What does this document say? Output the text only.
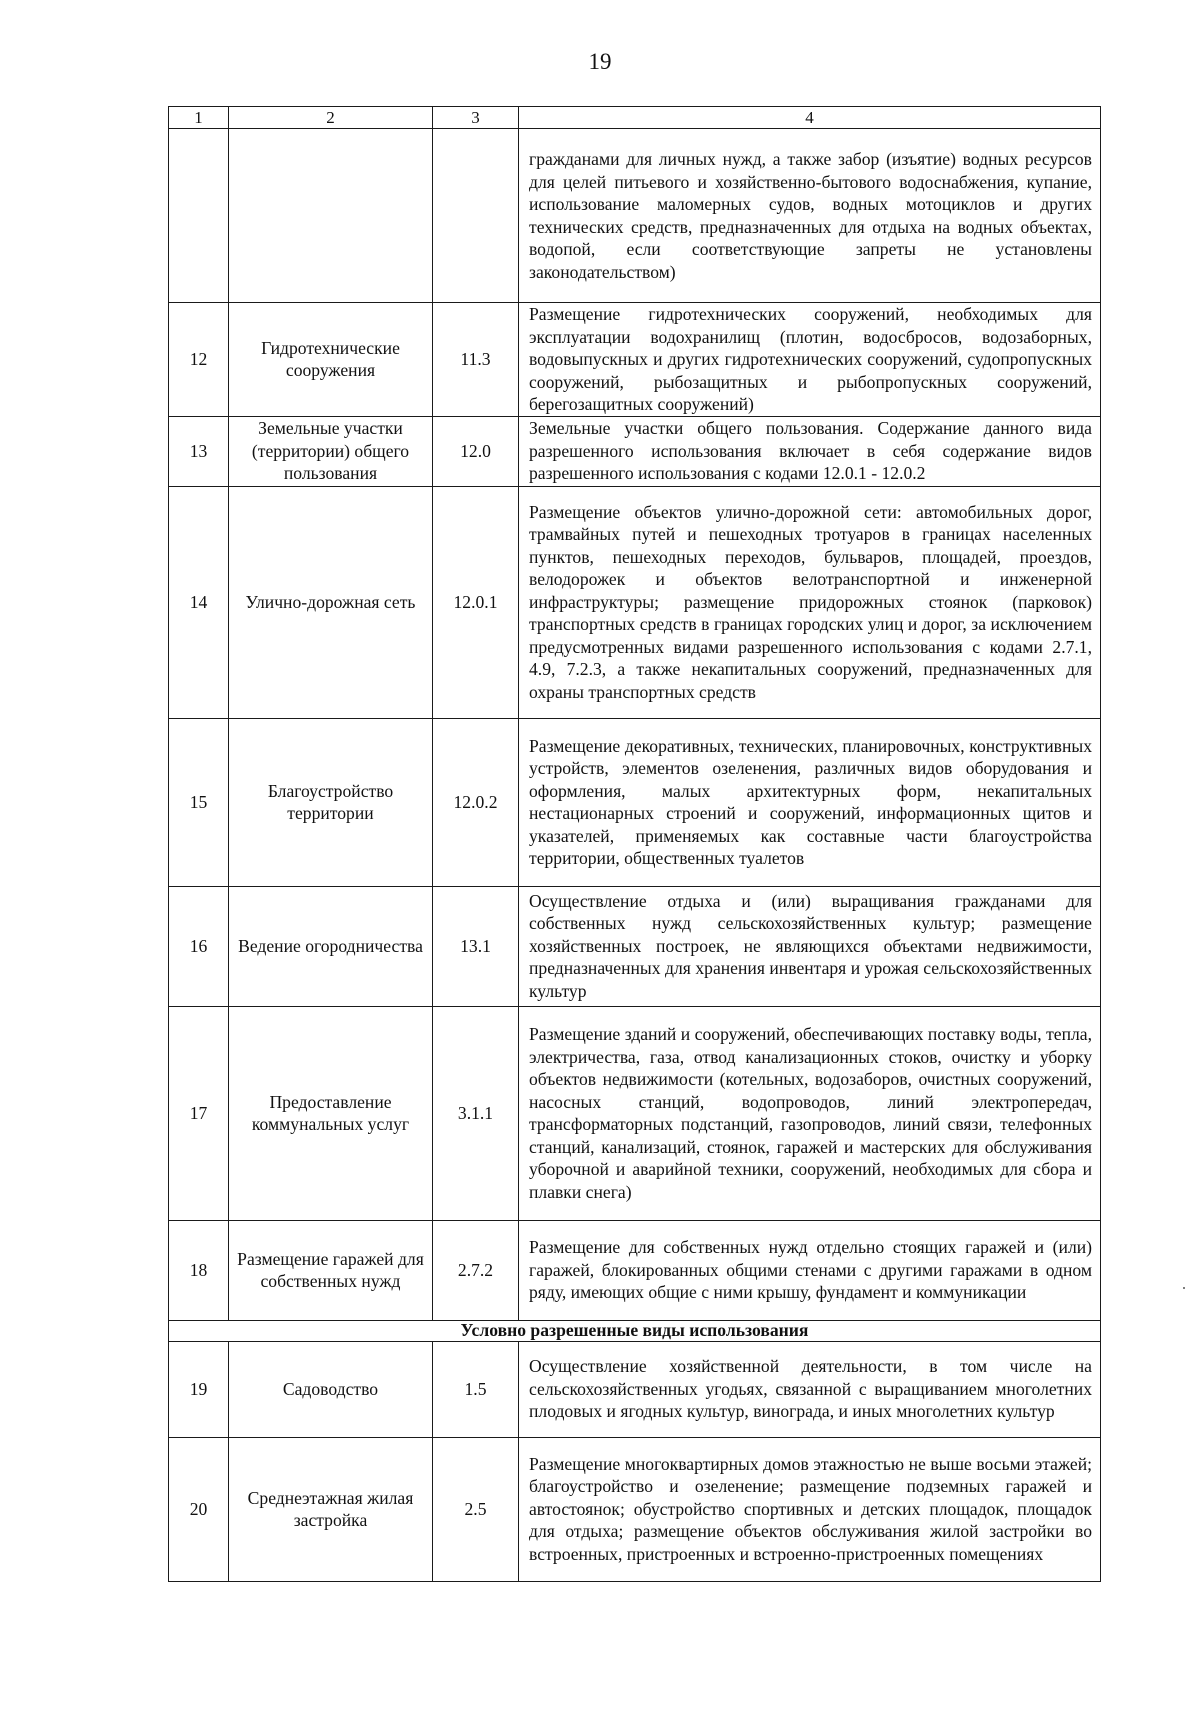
19
1	2	3	4
			гражданами для личных нужд, а также забор (изъятие) водных ресурсов для целей питьевого и хозяйственно-бытового водоснабжения, купание, использование маломерных судов, водных мотоциклов и других технических средств, предназначенных для отдыха на водных объектах, водопой, если соответствующие запреты не установлены законодательством)
12	Гидротехнические сооружения	11.3	Размещение гидротехнических сооружений, необходимых для эксплуатации водохранилищ (плотин, водосбросов, водозаборных, водовыпускных и других гидротехнических сооружений, судопропускных сооружений, рыбозащитных и рыбопропускных сооружений, берегозащитных сооружений)
13	Земельные участки (территории) общего пользования	12.0	Земельные участки общего пользования. Содержание данного вида разрешенного использования включает в себя содержание видов разрешенного использования с кодами 12.0.1 - 12.0.2
14	Улично-дорожная сеть	12.0.1	Размещение объектов улично-дорожной сети: автомобильных дорог, трамвайных путей и пешеходных тротуаров в границах населенных пунктов, пешеходных переходов, бульваров, площадей, проездов, велодорожек и объектов велотранспортной и инженерной инфраструктуры; размещение придорожных стоянок (парковок) транспортных средств в границах городских улиц и дорог, за исключением предусмотренных видами разрешенного использования с кодами 2.7.1, 4.9, 7.2.3, а также некапитальных сооружений, предназначенных для охраны транспортных средств
15	Благоустройство территории	12.0.2	Размещение декоративных, технических, планировочных, конструктивных устройств, элементов озеленения, различных видов оборудования и оформления, малых архитектурных форм, некапитальных нестационарных строений и сооружений, информационных щитов и указателей, применяемых как составные части благоустройства территории, общественных туалетов
16	Ведение огородничества	13.1	Осуществление отдыха и (или) выращивания гражданами для собственных нужд сельскохозяйственных культур; размещение хозяйственных построек, не являющихся объектами недвижимости, предназначенных для хранения инвентаря и урожая сельскохозяйственных культур
17	Предоставление коммунальных услуг	3.1.1	Размещение зданий и сооружений, обеспечивающих поставку воды, тепла, электричества, газа, отвод канализационных стоков, очистку и уборку объектов недвижимости (котельных, водозаборов, очистных сооружений, насосных станций, водопроводов, линий электропередач, трансформаторных подстанций, газопроводов, линий связи, телефонных станций, канализаций, стоянок, гаражей и мастерских для обслуживания уборочной и аварийной техники, сооружений, необходимых для сбора и плавки снега)
18	Размещение гаражей для собственных нужд	2.7.2	Размещение для собственных нужд отдельно стоящих гаражей и (или) гаражей, блокированных общими стенами с другими гаражами в одном ряду, имеющих общие с ними крышу, фундамент и коммуникации
Условно разрешенные виды использования			
19	Садоводство	1.5	Осуществление хозяйственной деятельности, в том числе на сельскохозяйственных угодьях, связанной с выращиванием многолетних плодовых и ягодных культур, винограда, и иных многолетних культур
20	Среднеэтажная жилая застройка	2.5	Размещение многоквартирных домов этажностью не выше восьми этажей; благоустройство и озеленение; размещение подземных гаражей и автостоянок; обустройство спортивных и детских площадок, площадок для отдыха; размещение объектов обслуживания жилой застройки во встроенных, пристроенных и встроенно-пристроенных помещениях
